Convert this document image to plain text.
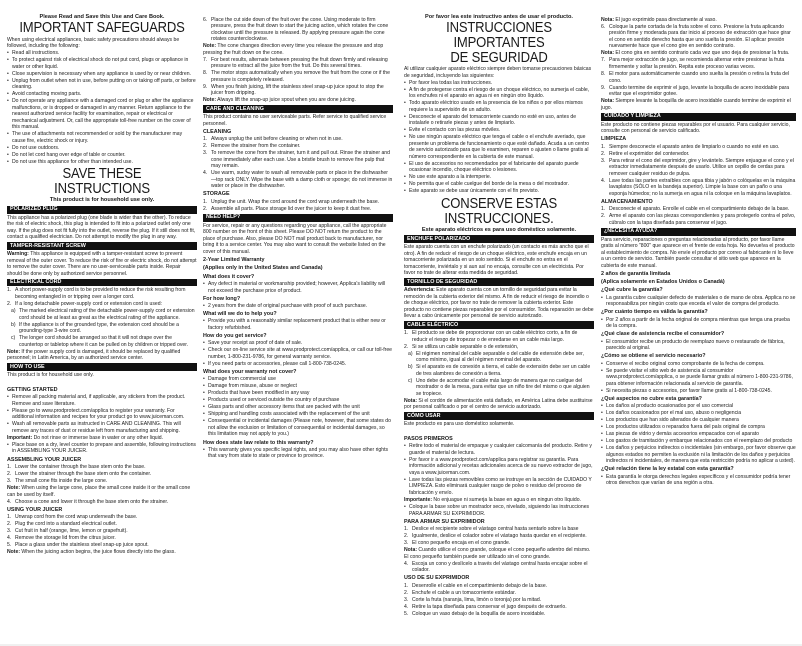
Please Read and Save this Use and Care Book.
IMPORTANT SAFEGUARDS

When using electrical appliances, basic safety precautions should always be followed, including the following:

• Read all instructions.
• To protect against risk of electrical shock do not put cord, plugs or appliance in water or other liquid.
• Close supervision is necessary when any appliance is used by or near children.
• Unplug from outlet when not in use, before putting on or taking off parts, or before cleaning.
• Avoid contacting moving parts.
• Do not operate any appliance with a damaged cord or plug or after the appliance malfunctions, or is dropped or damaged in any manner. Return appliance to the nearest authorized service facility for examination, repair or electrical or mechanical adjustment. Or, call the appropriate toll-free number on the cover of this manual.
• The use of attachments not recommended or sold by the manufacturer may cause fire, electric shock or injury.
• Do not use outdoors.
• Do not let cord hang over edge of table or counter.
• Do not use this appliance for other than intended use.
SAVE THESE INSTRUCTIONS
This product is for household use only.
POLARIZED PLUG

This appliance has a polarized plug (one blade is wider than the other). To reduce the risk of electric shock, this plug is intended to fit into a polarized outlet only one way. If the plug does not fit fully into the outlet, reverse the plug. If it still does not fit, contact a qualified electrician. Do not attempt to modify the plug in any way.

TAMPER-RESISTANT SCREW

Warning: This appliance is equipped with a tamper-resistant screw to prevent removal of the outer cover. To reduce the risk of fire or electric shock, do not attempt to remove the outer cover. There are no user-serviceable parts inside. Repair should be done only by authorized service personnel.

ELECTRICAL CORD
1. A short power-supply cord is to be provided to reduce the risk resulting from becoming entangled in or tripping over a longer cord.
2. If a long detachable power-supply cord or extension cord is used:
a) The marked electrical rating of the detachable power-supply cord or extension cord should be at least as great as the electrical rating of the appliance.
b) If the appliance is of the grounded type, the extension cord should be a grounding-type 3-wire cord.
c) The longer cord should be arranged so that it will not drape over the countertop or tabletop where it can be pulled on by children or tripped over.

Note: If the power supply cord is damaged, it should be replaced by qualified personnel; in Latin America, by an authorized service center.

HOW TO USE

This product is for household use only.

GETTING STARTED
• Remove all packing material and, if applicable, any stickers from the product. Remove and save literature.
• Please go to www.prodprotect.com/applica to register your warranty. For additional information and recipes for your product go to www.juiceman.com.
• Wash all removable parts as instructed in CARE AND CLEANING. This will remove any traces of dust or residue left from manufacturing and shipping.

Important: Do not rinse or immerse base in water or any other liquid.

• Place base on a dry, level counter to prepare and assemble, following instructions in ASSEMBLING YOUR JUICER.
ASSEMBLING YOUR JUICER
1. Lower the container through the base stem onto the base.
2. Lower the strainer through the base stem onto the container.
3. The small cone fits inside the large cone.

Note: When using the large cone, place the small cone inside it or the small cone can be used by itself.

4. Choose a cone and lower it through the base stem onto the strainer.
USING YOUR JUICER
1. Unwrap cord from the cord wrap underneath the base.
2. Plug the cord into a standard electrical outlet.
3. Cut fruit in half (orange, lime, lemon or grapefruit).
4. Remove the storage lid from the citrus juicer.
5. Place a glass under the stainless steel snap-up juice spout.

Note: When the juicing action begins, the juice flows directly into the glass.

6. Place the cut side down of the fruit over the cone. Using moderate to firm pressure, press the fruit down to start the juicing action, which rotates the cone clockwise until the pressure is released. By applying pressure again the cone rotates counterclockwise.

Note: The cone changes direction every time you release the pressure and stop pressing the fruit down on the cone.

7. For best results, alternate between pressing the fruit down firmly and releasing pressure to extract all the juice from the fruit. Do this several times.
8. The motor stops automatically when you remove the fruit from the cone or if the pressure is completely released.
9. When you finish juicing, lift the stainless steel snap-up juice spout to stop the juicer from dripping.

Note: Always lift the snap-up juice spout when you are done juicing.

CARE AND CLEANING

This product contains no user serviceable parts. Refer service to qualified service personnel.

CLEANING
1. Always unplug the unit before cleaning or when not in use.
2. Remove the strainer from the container.
3. To remove the cone from the strainer, turn it and pull out. Rinse the strainer and cone immediately after each use. Use a bristle brush to remove fine pulp that may remain.
4. Use warm, sudsy water to wash all removable parts or place in the dishwasher—top rack ONLY. Wipe the base with a damp cloth or sponge; do not immerse in water or place in the dishwasher.
STORAGE
1. Unplug the unit. Wrap the cord around the cord wrap underneath the base.
2. Assemble all parts. Place storage lid over the juicer to keep it dust free.
NEED HELP?

For service, repair or any questions regarding your appliance, call the appropriate 800 number on the front of this sheet. Please DO NOT return the product to the place of purchase. Also, please DO NOT mail product back to manufacturer, nor bring it to a service center. You may also want to consult the website listed on the cover of this manual.

2-Year Limited Warranty
(Applies only in the United States and Canada)
What does it cover?
• Any defect in material or workmanship provided; however, Applica's liability will not exceed the purchase price of product.
For how long?
• 2 years from the date of original purchase with proof of such purchase.
What will we do to help you?
• Provide you with a reasonably similar replacement product that is either new or factory refurbished.
How do you get service?
• Save your receipt as proof of date of sale.
• Check our on-line service site at www.prodprotect.com/applica, or call our toll-free number, 1-800-231-9786, for general warranty service.
• If you need parts or accessories, please call 1-800-738-0245.
What does your warranty not cover?
• Damage from commercial use
• Damage from misuse, abuse or neglect
• Products that have been modified in any way
• Products used or serviced outside the country of purchase
• Glass parts and other accessory items that are packed with the unit
• Shipping and handling costs associated with the replacement of the unit
• Consequential or incidental damages (Please note, however, that some states do not allow the exclusion or limitation of consequential or incidental damages, so this limitation may not apply to you.)
How does state law relate to this warranty?
• This warranty gives you specific legal rights, and you may also have other rights that vary from state to state or province to province.
Por favor lea este instructivo antes de usar el producto.
INSTRUCCIONES IMPORTANTES
DE SEGURIDAD

Al utilizar cualquier aparato eléctrico siempre deben tomarse precauciones básicas de seguridad, incluyendo las siguientes:

• Por favor lea todas las instrucciones.
• A fin de protegerse contra el riesgo de un choque eléctrico, no sumerja el cable, los enchufes ni el aparato en agua ni en ningún otro líquido.
• Todo aparato eléctrico usado en la presencia de los niños o por ellos mismos requiere la supervisión de un adulto.
• Desconecte el aparato del tomacorriente cuando no esté en uso, antes de instalarle o retirarle piezas y antes de limpiarlo.
• Evite el contacto con las piezas móviles.
• No use ningún aparato eléctrico que tenga el cable o el enchufe averiado, que presente un problema de funcionamiento o que esté dañado. Acuda a un centro de servicio autorizado para que lo examinen, reparen o ajusten o llame gratis al número correspondiente en la cubierta de este manual.
• El uso de accesorios no recomendados por el fabricante del aparato puede ocasionar incendio, choque eléctrico o lesiones.
• No use este aparato a la intemperie.
• No permita que el cable cuelgue del borde de la mesa o del mostrador.
• Este aparato se debe usar únicamente con el fin previsto.
CONSERVE ESTAS INSTRUCCIONES.
Este aparato eléctricos es para uso doméstico solamente.
ENCHUFE POLARIZADO

Este aparato cuenta con un enchufe polarizado (un contacto es más ancho que el otro). A fin de reducir el riesgo de un choque eléctrico, este enchufe encaja en un tomacorriente polarizada en un solo sentido. Si el enchufe no entra en el tomacorriente, inviértalo y si aun así no encaja, consulte con un electricista. Por favor no trate de alterar esta medida de seguridad.

TORNILLO DE SEGURIDAD

Advertencia: Este aparato cuenta con un tornillo de seguridad para evitar la remoción de la cubierta exterior del mismo. A fin de reducir el riesgo de incendio o de choque eléctrico, por favor no trate de remover la cubierta exterior. Este producto no contiene piezas reparables por el consumidor. Toda reparación se debe llevar a cabo únicamente por personal de servicio autorizado.

CABLE ELÉCTRICO
1. El producto se debe de proporcionar con un cable eléctrico corto, a fin de reducir el riesgo de tropezar o de enredarse en un cable más largo.
2. Si se utiliza un cable separable o de extensión,
a) El régimen nominal del cable separable o del cable de extensión debe ser, como mínimo, igual al del régimen nominal del aparato.
b) Si el aparato es de conexión a tierra, el cable de extensión debe ser un cable de tres alambres de conexión a tierra.
c) Uno debe de acomodar el cable más largo de manera que no cuelgue del mostrador o de la mesa, para evitar que un niño tire del mismo o que alguien se tropiece.

Nota: Si el cordón de alimentación está dañado, en América Latina debe sustituirse por personal calificado o por el centro de servicio autorizado.

CÓMO USAR

Este producto es para uso doméstico solamente.

PASOS PRIMEROS
• Retire todo el material de empaque y cualquier calcomanía del producto. Retire y guarde el material de lectura.
• Por favor ir a www.prodprotect.com/applica para registrar su garantía. Para información adicional y recetas adicionales acerca de su nuevo extractor de jugo, vaya a www.juiceman.com.
• Lave todas las piezas removibles como se instruye en la sección de CUIDADO Y LIMPIEZA. Esto eliminará cualquier rasgo de polvo o residuo del proceso de fabricación y envío.

Importante: No enjuague ni sumerja la base en agua o en ningun otro líquido.

• Coloque la base sobre un mostrador seco, nivelado, siguiendo las instrucciones PARA ARMAR SU EXPRIMIDOR.
PARA ARMAR SU EXPRIMIDOR
1. Deslice el recipiente sobre el vástago central hasta sentarlo sobre la base
2. Igualmente, deslice el colador sobre el vástago hasta quedar en el recipiente.
3. El cono pequeño encaja en el cono grande.

Nota: Cuando utilice el cono grande, coloque el cono pequeño adentro del mismo. El cono pequeño también puede ser utilizado sin el cono grande.

4. Escoja un cono y deslícelo a través del vástago central hasta encajar sobre el colador.
USO DE SU EXPRIMIDOR
1. Desenrolle el cable en el compartimiento debajo de la base.
2. Enchufe el cable a un tomacorriente estándar.
3. Corte la fruta (naranja, lima, limón o toronja) por la mitad.
4. Retire la tapa diseñada para conservar el jugo después de extraerlo.
5. Coloque un vaso debajo de la boquilla de acero inoxidable.

Nota: El jugo exprimido pasa directamente al vaso.

6. Coloque la parte cortada de la fruta sobre el cono. Presione la fruta aplicando presión firme y moderada para dar inicio al proceso de extracción que hace girar el cono en sentido derecho hasta que uno suelta la presión. El aplicar presión nuevamente hace que el cono gire en sentido contrario.

Nota: El cono gira en sentido contrario cada vez que uno deja de presionar la fruta.

7. Para mejor extracción de jugo, se recomienda alternar entre presionar la fruta firmemente y soltar la presión. Repita este proceso varias veces.
8. El motor para automáticamente cuando uno suelta la presión o retira la fruta del cono.
9. Cuando termine de exprimir el jugo, levante la boquilla de acero inoxidable para evitar que el exprimidor gotee.

Nota: Siempre levante la boquilla de acero inoxidable cuando termine de exprimir el jugo.

CUIDADO Y LIMPIEZA

Este producto no contiene piezas reparables por el usuario. Para cualquier servicio, consulte con personal de servicio calificado.

LIMPIEZA
1. Siempre desconecte el aparato antes de limpiarlo o cuando no esté en uso.
2. Retire el exprimidor del contenedor.
3. Para retirar el cono del exprimidor, gire y levántelo. Siempre enjuague el cono y el extractor inmediatamente después de usarlo. Utilice un cepillo de cerdas para remover cualquier residuo de pulpa.
4. Lave todas las partes extraíbles con agua tibia y jabón o colóquelas en la máquina lavaplatos (SÓLO en la bandeja superior). Limpie la base con un paño o una esponja húmedos; no la sumerja en agua ni la coloque en la máquina lavaplatos.
ALMACENAMIENTO
1. Desconecte el aparato. Enrolle el cable en el compartimiento debajo de la base.
2. Arme el aparato con las piezas correspondientes y para protegerlo contra el polvo, cúbralo con la tapa diseñada para conservar el jugo.
¿NECESITA AYUDA?

Para servicio, reparaciones o preguntas relacionadas al producto, por favor llame gratis al número "800" que aparece en el frente de esta hoja. No devuelva el producto al establecimiento de compra. No envíe el producto por correo al fabricante ni lo lleve a un centro de servicio. También puede consultar el sitio web que aparece en la cubierta de este manual.

2 años de garantía limitada
(Aplica solamente en Estados Unidos o Canadá)
¿Qué cubre la garantía?
• La garantía cubre cualquier defecto de materiales o de mano de obra. Applica no se responsabiliza por ningún costo que exceda el valor de compra del producto.
¿Por cuánto tiempo es válida la garantía?
• Por 2 años a partir de la fecha original de compra mientras que tenga una prueba de la compra.
¿Qué clase de asistencia recibe el consumidor?
• El consumidor recibe un producto de reemplazo nuevo o restaurado de fábrica, parecido al original.
¿Cómo se obtiene el servicio necesario?
• Conserve el recibo original como comprobante de la fecha de compra.
• Se puede visitar el sitio web de asistencia al consumidor www.prodprotect.com/applica, o se puede llamar gratis al número 1-800-231-9786, para obtener información relacionada al servicio de garantía.
• Si necesita piezas o accesorios, por favor llame gratis al 1-800-738-0245.
¿Qué aspectos no cubre esta garantía?
• Los daños al producto ocasionados por el uso comercial
• Los daños ocasionados por el mal uso, abuso o negligencia
• Los productos que han sido alterados de cualquier manera
• Los productos utilizados o reparados fuera del país original de compra
• Las piezas de vidrio y demás accesorios empacados con el aparato
• Los gastos de tramitación y embarque relacionados con el reemplazo del producto
• Los daños y perjuicios indirectos o incidentales (sin embargo, por favor observe que algunos estados no permiten la exclusión ni la limitación de los daños y perjuicios indirectos ni incidentales, de manera que esta restricción podría no aplicar a usted).
¿Qué relación tiene la ley estatal con esta garantía?
• Esta garantía le otorga derechos legales específicos y el consumidor podría tener otros derechos que varían de una región a otra.
